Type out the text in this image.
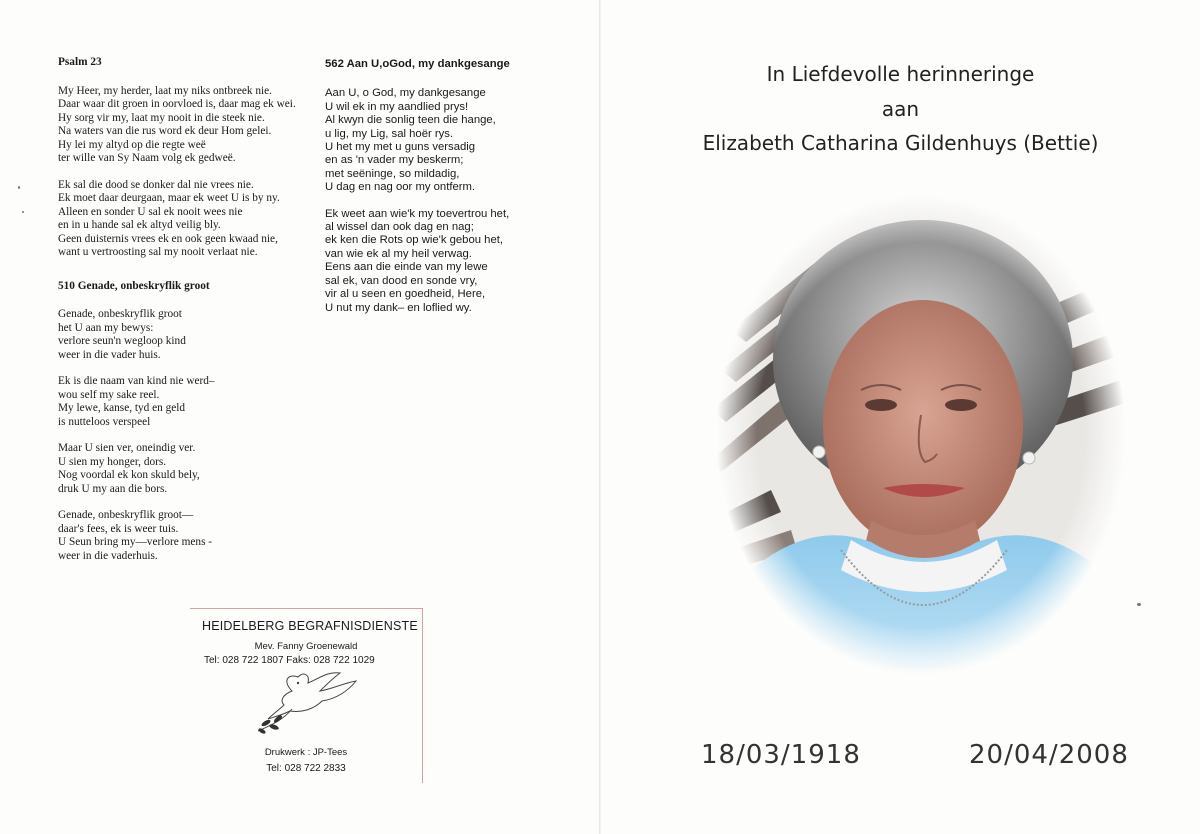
Psalm 23
My Heer, my herder, laat my niks ontbreek nie.
Daar waar dit groen in oorvloed is, daar mag ek wei.
Hy sorg vir my, laat my nooit in die steek nie.
Na waters van die rus word ek deur Hom gelei.
Hy lei my altyd op die regte weë
ter wille van Sy Naam volg ek gedweë.
Ek sal die dood se donker dal nie vrees nie.
Ek moet daar deurgaan, maar ek weet U is by ny.
Alleen en sonder U sal ek nooit wees nie
en in u hande sal ek altyd veilig bly.
Geen duisternis vrees ek en ook geen kwaad nie,
want u vertroosting sal my nooit verlaat nie.
510 Genade, onbeskryflik groot
Genade, onbeskryflik groot
het U aan my bewys:
verlore seun'n wegloop kind
weer in die vader huis.
Ek is die naam van kind nie werd–
wou self my sake reel.
My lewe, kanse, tyd en geld
is nutteloos verspeel
Maar U sien ver, oneindig ver.
U sien my honger, dors.
Nog voordal ek kon skuld bely,
druk U my aan die bors.
Genade, onbeskryflik groot—
daar's fees, ek is weer tuis.
U Seun bring my—verlore mens -
weer in die vaderhuis.
562 Aan U,oGod, my dankgesange
Aan U, o God, my dankgesange
U wil ek in my aandlied prys!
Al kwyn die sonlig teen die hange,
u lig, my Lig, sal hoër rys.
U het my met u guns versadig
en as 'n vader my beskerm;
met seëninge, so mildadig,
U dag en nag oor my ontferm.
Ek weet aan wie'k my toevertrou het,
al wissel dan ook dag en nag;
ek ken die Rots op wie'k gebou het,
van wie ek al my heil verwag.
Eens aan die einde van my lewe
sal ek, van dood en sonde vry,
vir al u seen en goedheid, Here,
U nut my dank– en loflied wy.
HEIDELBERG BEGRAFNISDIENSTE
Mev. Fanny Groenewald
Tel: 028 722 1807 Faks: 028 722 1029
Drukwerk : JP-Tees
Tel: 028 722 2833
In Liefdevolle herinneringe
aan
Elizabeth Catharina Gildenhuys (Bettie)
18/03/1918	20/04/2008
